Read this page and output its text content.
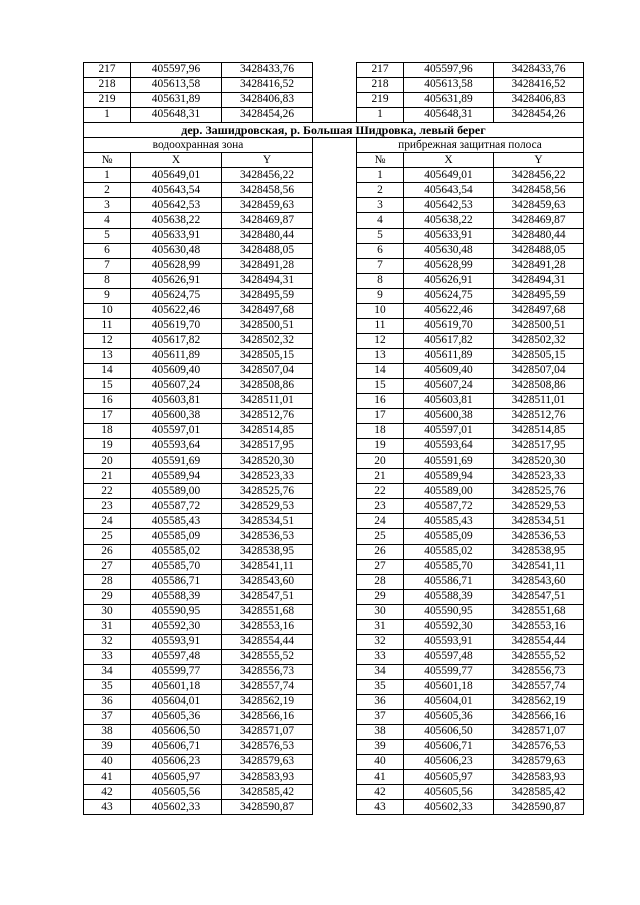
217	405597,96	3428433,76		217	405597,96	3428433,76
218	405613,58	3428416,52		218	405613,58	3428416,52
219	405631,89	3428406,83		219	405631,89	3428406,83
1	405648,31	3428454,26		1	405648,31	3428454,26
дер. Зашидровская, р. Большая Шидровка, левый берег						
водоохранная зона				прибрежная защитная полоса		
№	X	Y		№	X	Y
1	405649,01	3428456,22		1	405649,01	3428456,22
2	405643,54	3428458,56		2	405643,54	3428458,56
3	405642,53	3428459,63		3	405642,53	3428459,63
4	405638,22	3428469,87		4	405638,22	3428469,87
5	405633,91	3428480,44		5	405633,91	3428480,44
6	405630,48	3428488,05		6	405630,48	3428488,05
7	405628,99	3428491,28		7	405628,99	3428491,28
8	405626,91	3428494,31		8	405626,91	3428494,31
9	405624,75	3428495,59		9	405624,75	3428495,59
10	405622,46	3428497,68		10	405622,46	3428497,68
11	405619,70	3428500,51		11	405619,70	3428500,51
12	405617,82	3428502,32		12	405617,82	3428502,32
13	405611,89	3428505,15		13	405611,89	3428505,15
14	405609,40	3428507,04		14	405609,40	3428507,04
15	405607,24	3428508,86		15	405607,24	3428508,86
16	405603,81	3428511,01		16	405603,81	3428511,01
17	405600,38	3428512,76		17	405600,38	3428512,76
18	405597,01	3428514,85		18	405597,01	3428514,85
19	405593,64	3428517,95		19	405593,64	3428517,95
20	405591,69	3428520,30		20	405591,69	3428520,30
21	405589,94	3428523,33		21	405589,94	3428523,33
22	405589,00	3428525,76		22	405589,00	3428525,76
23	405587,72	3428529,53		23	405587,72	3428529,53
24	405585,43	3428534,51		24	405585,43	3428534,51
25	405585,09	3428536,53		25	405585,09	3428536,53
26	405585,02	3428538,95		26	405585,02	3428538,95
27	405585,70	3428541,11		27	405585,70	3428541,11
28	405586,71	3428543,60		28	405586,71	3428543,60
29	405588,39	3428547,51		29	405588,39	3428547,51
30	405590,95	3428551,68		30	405590,95	3428551,68
31	405592,30	3428553,16		31	405592,30	3428553,16
32	405593,91	3428554,44		32	405593,91	3428554,44
33	405597,48	3428555,52		33	405597,48	3428555,52
34	405599,77	3428556,73		34	405599,77	3428556,73
35	405601,18	3428557,74		35	405601,18	3428557,74
36	405604,01	3428562,19		36	405604,01	3428562,19
37	405605,36	3428566,16		37	405605,36	3428566,16
38	405606,50	3428571,07		38	405606,50	3428571,07
39	405606,71	3428576,53		39	405606,71	3428576,53
40	405606,23	3428579,63		40	405606,23	3428579,63
41	405605,97	3428583,93		41	405605,97	3428583,93
42	405605,56	3428585,42		42	405605,56	3428585,42
43	405602,33	3428590,87		43	405602,33	3428590,87
